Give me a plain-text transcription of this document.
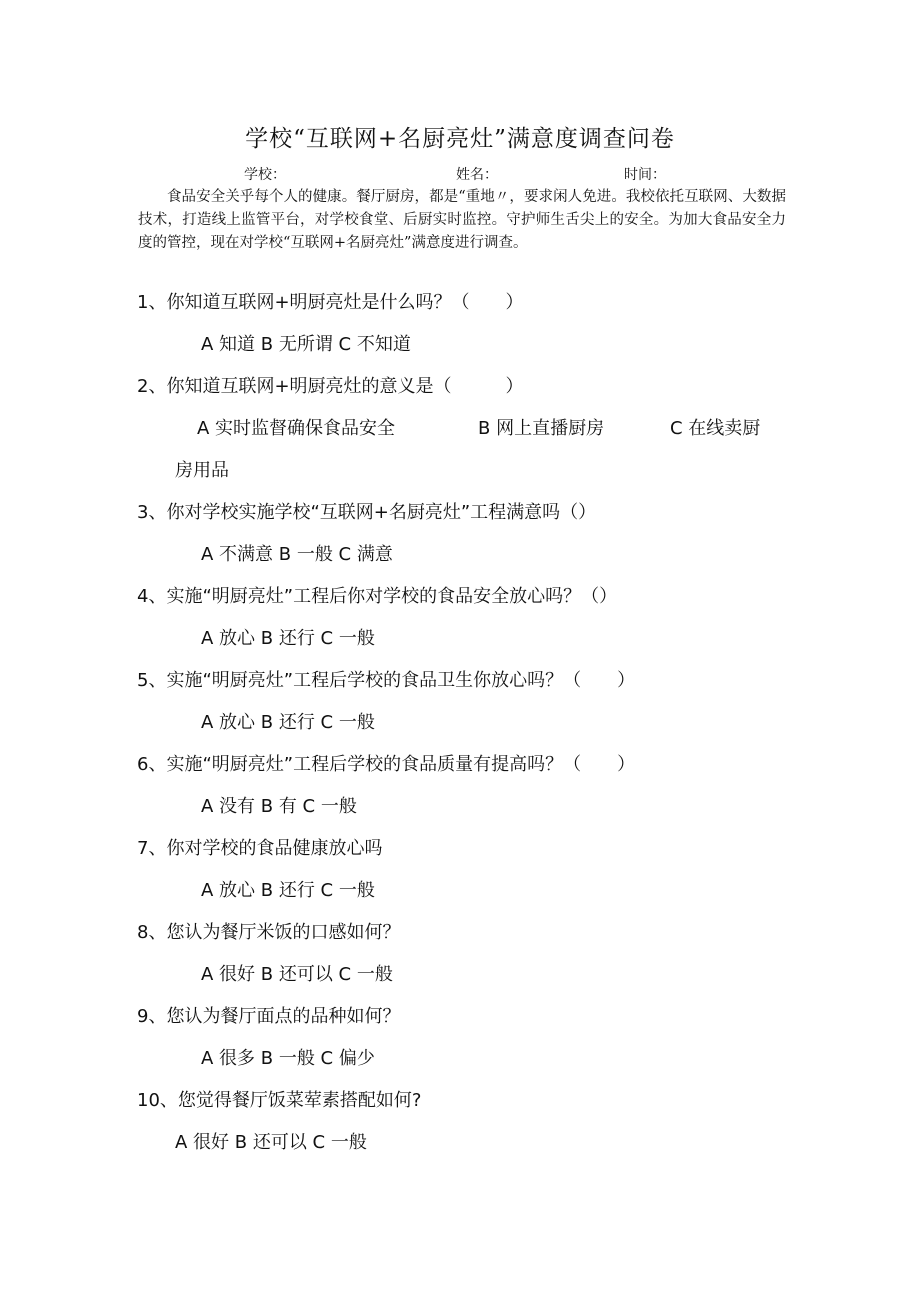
学校“互联网+名厨亮灶”满意度调查问卷
学校：	姓名：	时间：

食品安全关乎每个人的健康。餐厅厨房，都是“重地〃，要求闲人免进。我校依托互联网、大数据技术，打造线上监管平台，对学校食堂、后厨实时监控。守护师生舌尖上的安全。为加大食品安全力度的管控，现在对学校“互联网+名厨亮灶”满意度进行调查。

1、你知道互联网+明厨亮灶是什么吗？（　　）
A 知道 B 无所谓 C 不知道
2、你知道互联网+明厨亮灶的意义是（　　　）
A 实时监督确保食品安全	B 网上直播厨房	C 在线卖厨
房用品
3、你对学校实施学校“互联网+名厨亮灶”工程满意吗（）
A 不满意 B 一般 C 满意
4、实施“明厨亮灶”工程后你对学校的食品安全放心吗？（）
A 放心 B 还行 C 一般
5、实施“明厨亮灶”工程后学校的食品卫生你放心吗？（　　）
A 放心 B 还行 C 一般
6、实施“明厨亮灶”工程后学校的食品质量有提高吗？（　　）
A 没有 B 有 C 一般
7、你对学校的食品健康放心吗
A 放心 B 还行 C 一般
8、您认为餐厅米饭的口感如何？
A 很好 B 还可以 C 一般
9、您认为餐厅面点的品种如何？
A 很多 B 一般 C 偏少
10、您觉得餐厅饭菜荤素搭配如何?
A 很好 B 还可以 C 一般
